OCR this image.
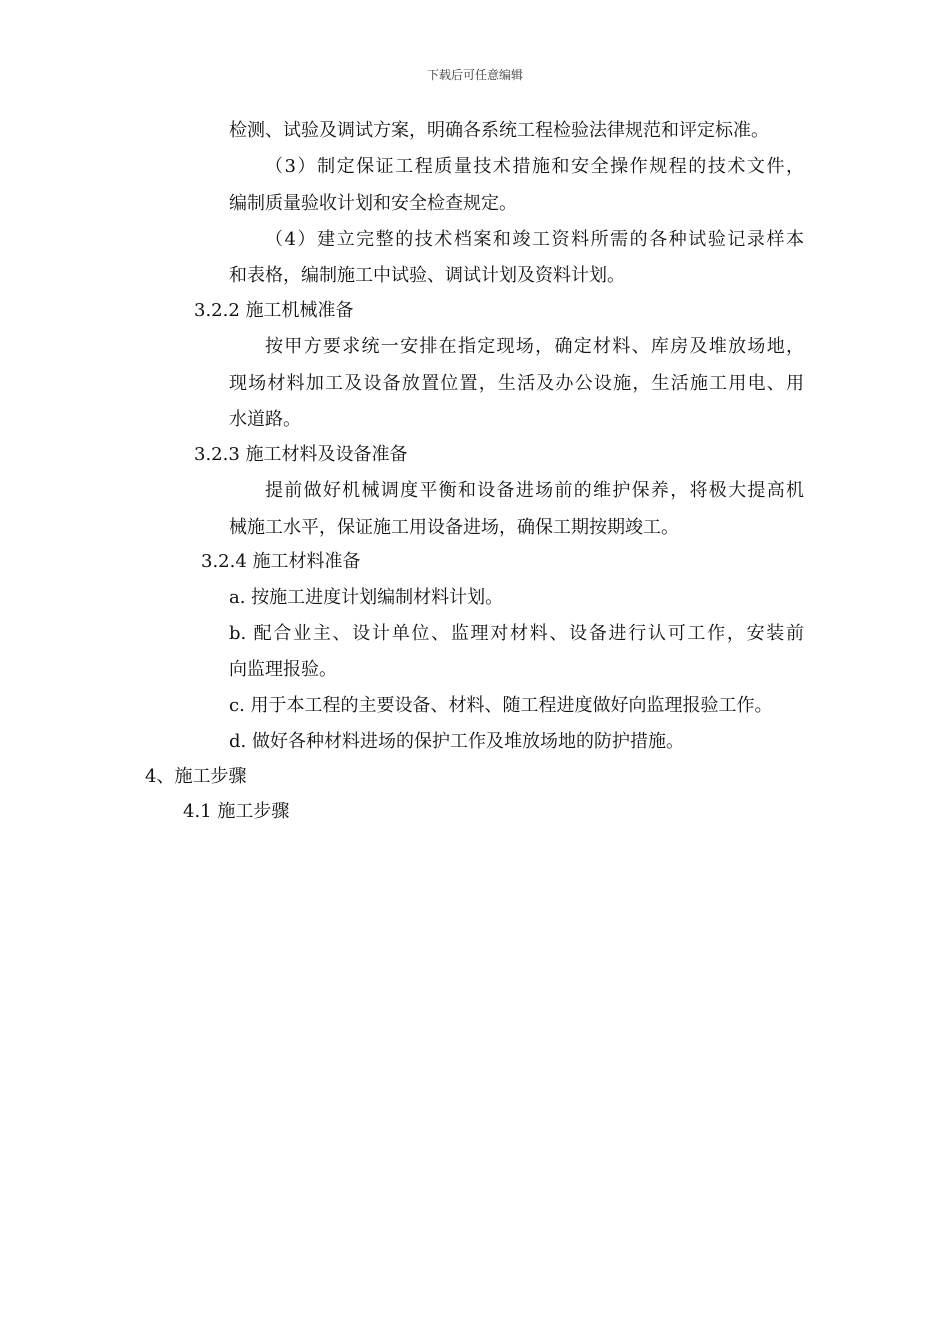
下载后可任意编辑
检测、试验及调试方案，明确各系统工程检验法律规范和评定标准。
（3）制定保证工程质量技术措施和安全操作规程的技术文件，
编制质量验收计划和安全检查规定。
（4）建立完整的技术档案和竣工资料所需的各种试验记录样本
和表格，编制施工中试验、调试计划及资料计划。
3.2.2 施工机械准备
按甲方要求统一安排在指定现场，确定材料、库房及堆放场地，
现场材料加工及设备放置位置，生活及办公设施，生活施工用电、用
水道路。
3.2.3 施工材料及设备准备
提前做好机械调度平衡和设备进场前的维护保养，将极大提高机
械施工水平，保证施工用设备进场，确保工期按期竣工。
3.2.4 施工材料准备
a. 按施工进度计划编制材料计划。
b. 配合业主、设计单位、监理对材料、设备进行认可工作，安装前
向监理报验。
c. 用于本工程的主要设备、材料、随工程进度做好向监理报验工作。
d. 做好各种材料进场的保护工作及堆放场地的防护措施。
4、施工步骤
4.1 施工步骤
